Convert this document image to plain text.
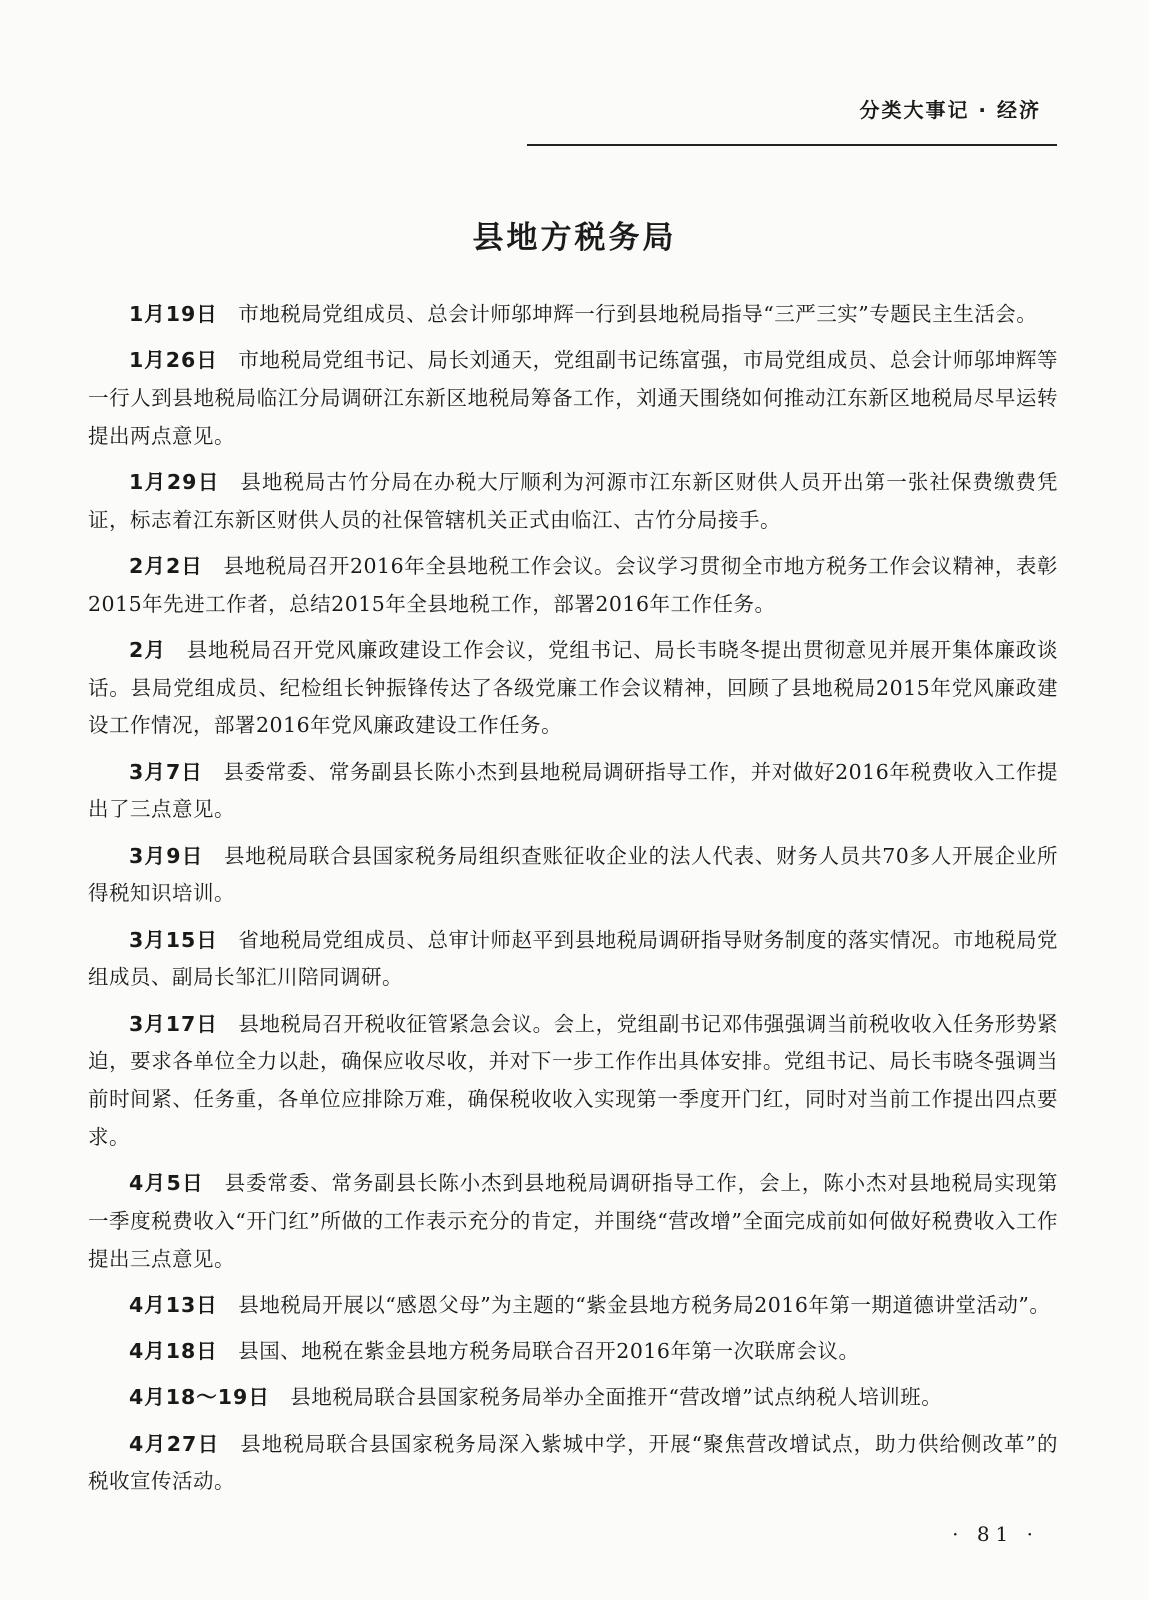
分类大事记 · 经济
县地方税务局

1月19日 市地税局党组成员、总会计师邬坤辉一行到县地税局指导“三严三实”专题民主生活会。

1月26日 市地税局党组书记、局长刘通天，党组副书记练富强，市局党组成员、总会计师邬坤辉等一行人到县地税局临江分局调研江东新区地税局筹备工作，刘通天围绕如何推动江东新区地税局尽早运转提出两点意见。

1月29日 县地税局古竹分局在办税大厅顺利为河源市江东新区财供人员开出第一张社保费缴费凭证，标志着江东新区财供人员的社保管辖机关正式由临江、古竹分局接手。

2月2日 县地税局召开2016年全县地税工作会议。会议学习贯彻全市地方税务工作会议精神，表彰2015年先进工作者，总结2015年全县地税工作，部署2016年工作任务。

2月 县地税局召开党风廉政建设工作会议，党组书记、局长韦晓冬提出贯彻意见并展开集体廉政谈话。县局党组成员、纪检组长钟振锋传达了各级党廉工作会议精神，回顾了县地税局2015年党风廉政建设工作情况，部署2016年党风廉政建设工作任务。

3月7日 县委常委、常务副县长陈小杰到县地税局调研指导工作，并对做好2016年税费收入工作提出了三点意见。

3月9日 县地税局联合县国家税务局组织查账征收企业的法人代表、财务人员共70多人开展企业所得税知识培训。

3月15日 省地税局党组成员、总审计师赵平到县地税局调研指导财务制度的落实情况。市地税局党组成员、副局长邹汇川陪同调研。

3月17日 县地税局召开税收征管紧急会议。会上，党组副书记邓伟强强调当前税收收入任务形势紧迫，要求各单位全力以赴，确保应收尽收，并对下一步工作作出具体安排。党组书记、局长韦晓冬强调当前时间紧、任务重，各单位应排除万难，确保税收收入实现第一季度开门红，同时对当前工作提出四点要求。

4月5日 县委常委、常务副县长陈小杰到县地税局调研指导工作，会上，陈小杰对县地税局实现第一季度税费收入“开门红”所做的工作表示充分的肯定，并围绕“营改增”全面完成前如何做好税费收入工作提出三点意见。

4月13日 县地税局开展以“感恩父母”为主题的“紫金县地方税务局2016年第一期道德讲堂活动”。

4月18日 县国、地税在紫金县地方税务局联合召开2016年第一次联席会议。

4月18～19日 县地税局联合县国家税务局举办全面推开“营改增”试点纳税人培训班。

4月27日 县地税局联合县国家税务局深入紫城中学，开展“聚焦营改增试点，助力供给侧改革”的税收宣传活动。

· 81 ·
